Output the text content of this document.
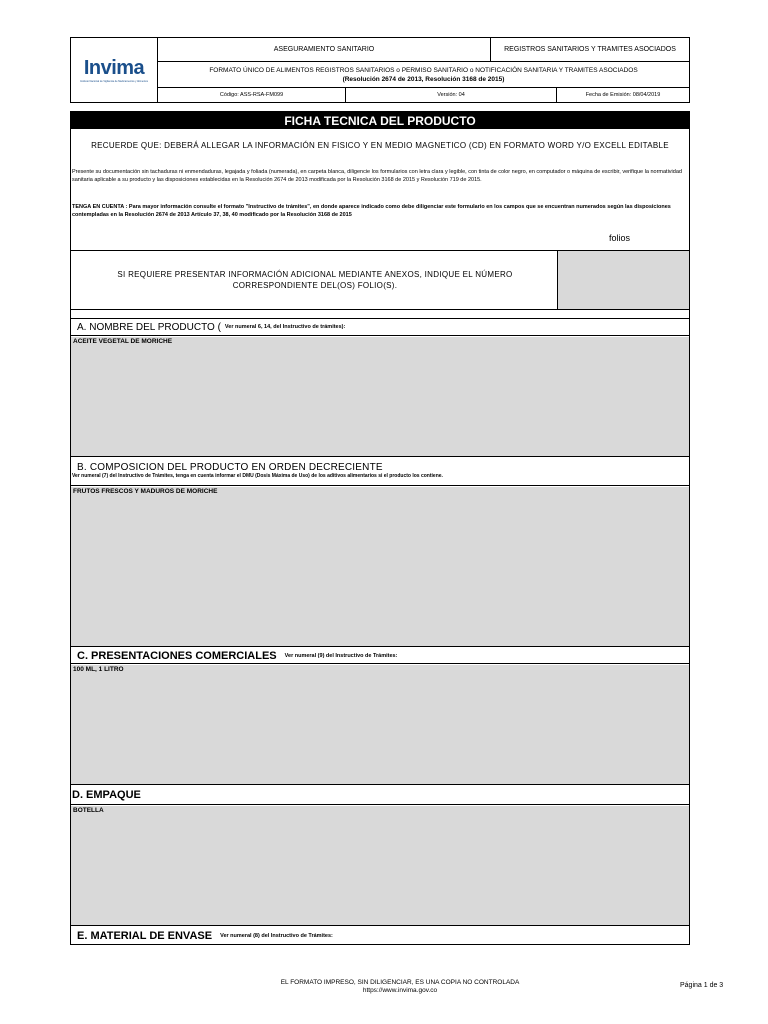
Invima
Instituto Nacional de Vigilancia de Medicamentos y Alimentos
ASEGURAMIENTO SANITARIO	REGISTROS SANITARIOS Y TRAMITES ASOCIADOS
FORMATO ÚNICO DE ALIMENTOS REGISTROS SANITARIOS o PERMISO SANITARIO o NOTIFICACIÓN SANITARIA Y TRAMITES ASOCIADOS
(Resolución 2674 de 2013, Resolución 3168 de 2015)
Código: ASS-RSA-FM099	Versión: 04	Fecha de Emisión: 08/04/2019
FICHA TECNICA DEL PRODUCTO
RECUERDE QUE: DEBERÁ ALLEGAR LA INFORMACIÓN EN FISICO Y EN MEDIO MAGNETICO (CD) EN FORMATO WORD Y/O EXCELL EDITABLE
Presente su documentación sin tachaduras ni enmendaduras, legajada y foliada (numerada), en carpeta blanca, diligencie los formularios con letra clara y legible, con tinta de color negro, en computador o máquina de escribir, verifique la normatividad sanitaria aplicable a su producto y las disposiciones establecidas en la Resolución 2674 de 2013 modificada por la Resolución 3168 de 2015 y Resolución 719 de 2015.
TENGA EN CUENTA : Para mayor información consulte el formato "Instructivo de trámites", en donde aparece indicado como debe diligenciar este formulario en los campos que se encuentran numerados según las disposiciones contempladas en la Resolución 2674 de 2013 Artículo 37, 38, 40 modificado por la Resolución 3168 de 2015
folios
SI REQUIERE PRESENTAR INFORMACIÓN ADICIONAL MEDIANTE ANEXOS, INDIQUE EL NÚMERO CORRESPONDIENTE DEL(OS) FOLIO(S).
A. NOMBRE DEL PRODUCTO ( Ver numeral 6, 14, del Instructivo de trámites):
ACEITE VEGETAL DE MORICHE
B. COMPOSICION DEL PRODUCTO EN ORDEN DECRECIENTE
Ver numeral (7) del Instructivo de Trámites, tenga en cuenta informar el DMU (Dosis Máxima de Uso) de los aditivos alimentarios si el producto los contiene.
FRUTOS FRESCOS Y MADUROS DE MORICHE
C. PRESENTACIONES COMERCIALES Ver numeral (9) del Instructivo de Trámites:
100 ML, 1 LITRO
D. EMPAQUE
BOTELLA
E. MATERIAL DE ENVASE Ver numeral (8) del Instructivo de Trámites:
EL FORMATO IMPRESO, SIN DILIGENCIAR, ES UNA COPIA NO CONTROLADA
https://www.invima.gov.co
Página 1 de 3
